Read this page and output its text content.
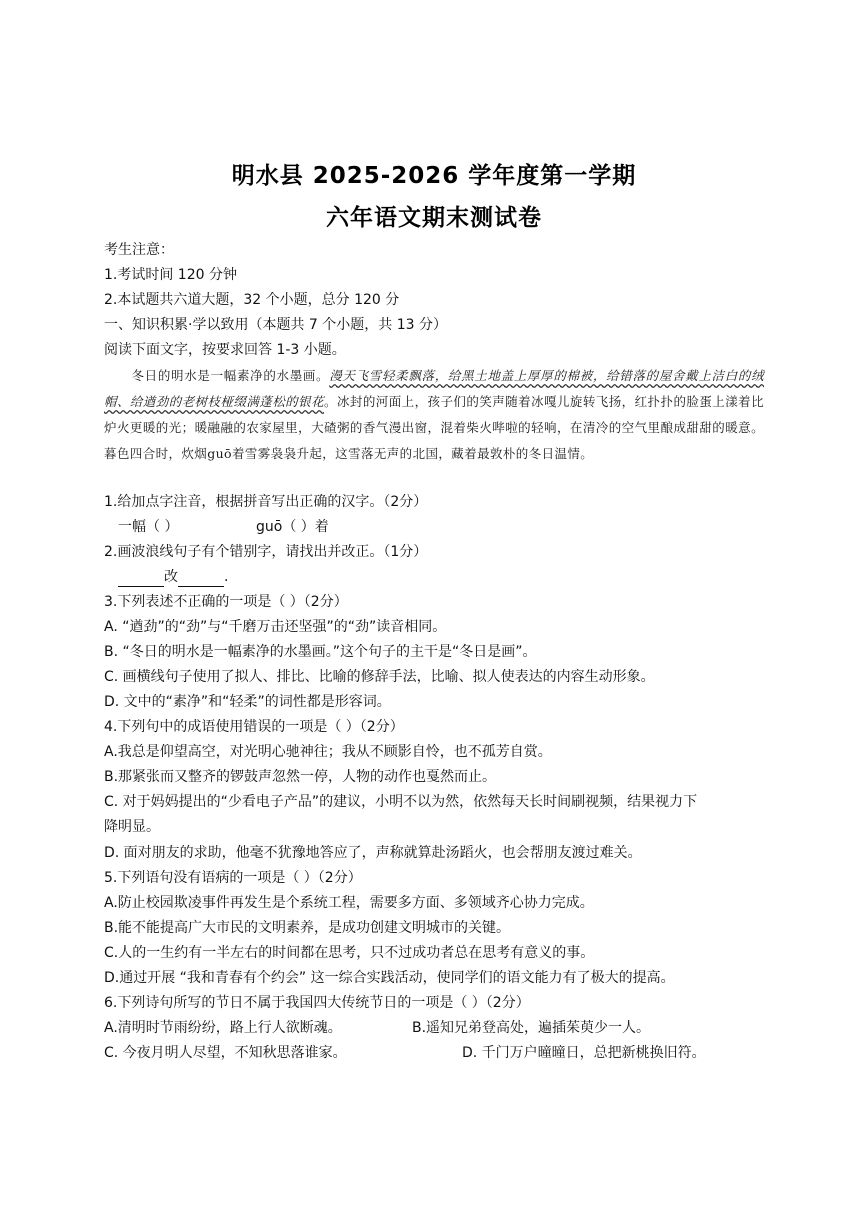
明水县 2025-2026 学年度第一学期
六年语文期末测试卷
考生注意：
1.考试时间 120 分钟
2.本试题共六道大题，32 个小题，总分 120 分
一、知识积累·学以致用（本题共 7 个小题，共 13 分）
阅读下面文字，按要求回答 1-3 小题。

冬日的明水是一幅素净的水墨画。漫天飞雪轻柔飘落，给黑土地盖上厚厚的棉被，给错落的屋舍戴上洁白的绒帽、给遒劲的老树枝桠缀满蓬松的银花。冰封的河面上，孩子们的笑声随着冰嘎儿旋转飞扬，红扑扑的脸蛋上漾着比炉火更暖的光；暖融融的农家屋里，大碴粥的香气漫出窗，混着柴火哔啦的轻响，在清冷的空气里酿成甜甜的暖意。暮色四合时，炊烟guō着雪雾袅袅升起，这雪落无声的北国，藏着最敦朴的冬日温情。

1.给加点字注音，根据拼音写出正确的汉字。（2分）
一幅（ ）	guō（ ）着
2.画波浪线句子有个错别字，请找出并改正。（1分）
改	.
3.下列表述不正确的一项是（ ）（2分）
A. “遒劲”的“劲”与“千磨万击还坚强”的“劲”读音相同。
B. “冬日的明水是一幅素净的水墨画。”这个句子的主干是“冬日是画”。
C. 画横线句子使用了拟人、排比、比喻的修辞手法，比喻、拟人使表达的内容生动形象。
D. 文中的“素净”和“轻柔”的词性都是形容词。
4.下列句中的成语使用错误的一项是（ ）（2分）
A.我总是仰望高空，对光明心驰神往；我从不顾影自怜，也不孤芳自赏。
B.那紧张而又整齐的锣鼓声忽然一停，人物的动作也戛然而止。
C. 对于妈妈提出的“少看电子产品”的建议，小明不以为然，依然每天长时间刷视频，结果视力下
降明显。
D. 面对朋友的求助，他毫不犹豫地答应了，声称就算赴汤蹈火，也会帮朋友渡过难关。
5.下列语句没有语病的一项是（ ）（2分）
A.防止校园欺凌事件再发生是个系统工程，需要多方面、多领域齐心协力完成。
B.能不能提高广大市民的文明素养，是成功创建文明城市的关键。
C.人的一生约有一半左右的时间都在思考，只不过成功者总在思考有意义的事。
D.通过开展 “我和青春有个约会” 这一综合实践活动，使同学们的语文能力有了极大的提高。
6.下列诗句所写的节日不属于我国四大传统节日的一项是（ ）（2分）
A.清明时节雨纷纷，路上行人欲断魂。	B.遥知兄弟登高处，遍插茱萸少一人。
C. 今夜月明人尽望，不知秋思落谁家。	D. 千门万户曈曈日，总把新桃换旧符。
